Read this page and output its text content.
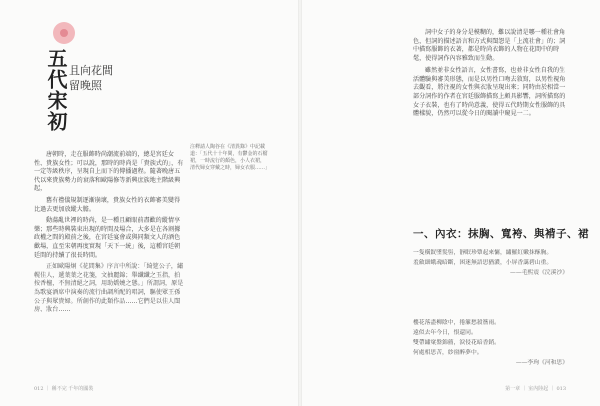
五代宋初 且向花間
留晚照
注釋請人陶谷在《清異錄》中記載道：「五代十十年間，有鬱金的石榴裙，一時流行的顏色，小人衣裙，清代婦女穿戴之時，婦女衣服……」

唐朝時，走在服飾時尚潮流前端的，總是宮廷女性、貴族女性；可以說，那時的時尚是「貴族式的」，有一定等級秩序，呈現自上而下的傳播過程。隨著晚唐五代以來貴族勢力的衰落和歐陽修等新興庶族地主階級興起，

舊有禮儀規制逐漸崩壞，貴族女性的衣飾審美變得比過去更加放縱大膽。

動蕩亂世裡的時尚，是一種且顧眼前盡歡的縱情享樂；那些時興裝束出現的時間及場合，大多是在各割據政權之間的殿前之後，在宮廷宴會或與同類文人的酒色歡場，直至宋朝再度實現「天下一統」後，這種宮廷朝廷間的持續了很長時間。

正如歐陽炯《花間集》序言中所說：「綺筵公子，繡幌佳人，遞葉葉之花箋，文抽麗錦；舉纖纖之玉指，拍按香檀，不無清絕之詞，用助嬌嬈之態。」所謂詞，原是為歌宴酒席中演奏的流行曲調所配的唱詞，驅使眾王孫公子與眾貴婦。所創作的此類作品……它們是以佳人閨房、妝台……

012 ｜ 稱不完 千年的國裝

詞中女子的身分是模糊的，難以說清是哪一種社會角色，但詞的描述語言和方式與閨怨是「上流社會」的；詞中描寫服飾的衣著，都是時尚衣飾的人物在花間中的時髦，使得詞作內容雅致而生動。

雖然並非女性語言，女性書寫，也並非女性自我的生活體驗與審美形態，而是以男性口吻去敘寫，以男性視角去觀看，將注視的女性與衣妝呈現出來；同時由於相當一部分詞作的作者在宮廷服飾描寫上頗具影響，詞所描寫的女子衣裝，也有了時尚意義，使得五代時期女性服飾的具體樣貌，仍然可以從今日的閱讀中窺見一二。

一、內衣：抹胸、寬袴、與褙子、裙

一隻橫釵墜髮髻，靜眠珍簟起來慵，繡羅紅嫩抹酥胸。

羞斂細蛾魂暗斷，困迷無語思猶濃，小屏香靄碧山重。

——毛熙震《浣溪沙》

樓花落盡柳陰中，捲簾愁殺簷雨。

遠似去年今日，恨還同。

雙帶繡窠盤錦薦，淚侵花暗香銷。

何處相思苦，紗窗醉夢中。

——李珣《河和思》

第一章 ｜ 室內陸起 ｜ 013
